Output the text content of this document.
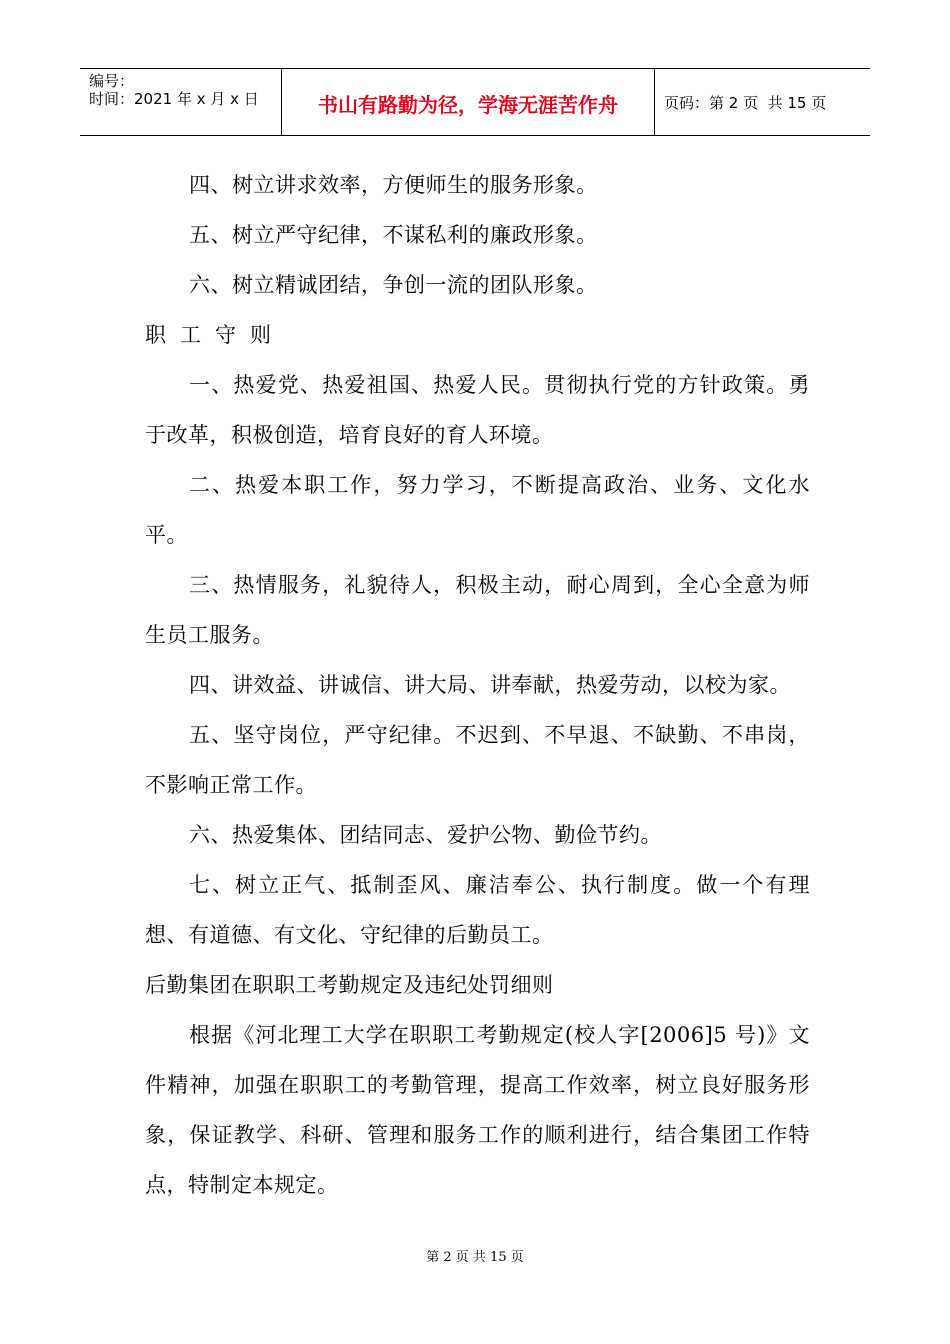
编号：
时间：2021 年 x 月 x 日	书山有路勤为径，学海无涯苦作舟	页码：第 2 页  共 15 页

四、树立讲求效率，方便师生的服务形象。

五、树立严守纪律，不谋私利的廉政形象。

六、树立精诚团结，争创一流的团队形象。

职工守则

一、热爱党、热爱祖国、热爱人民。贯彻执行党的方针政策。勇于改革，积极创造，培育良好的育人环境。

二、热爱本职工作，努力学习，不断提高政治、业务、文化水平。

三、热情服务，礼貌待人，积极主动，耐心周到，全心全意为师生员工服务。

四、讲效益、讲诚信、讲大局、讲奉献，热爱劳动，以校为家。

五、坚守岗位，严守纪律。不迟到、不早退、不缺勤、不串岗，不影响正常工作。

六、热爱集体、团结同志、爱护公物、勤俭节约。

七、树立正气、抵制歪风、廉洁奉公、执行制度。做一个有理想、有道德、有文化、守纪律的后勤员工。

后勤集团在职职工考勤规定及违纪处罚细则

根据《河北理工大学在职职工考勤规定(校人字[2006]5 号)》文件精神，加强在职职工的考勤管理，提高工作效率，树立良好服务形象，保证教学、科研、管理和服务工作的顺利进行，结合集团工作特点，特制定本规定。

第 2 页 共 15 页
